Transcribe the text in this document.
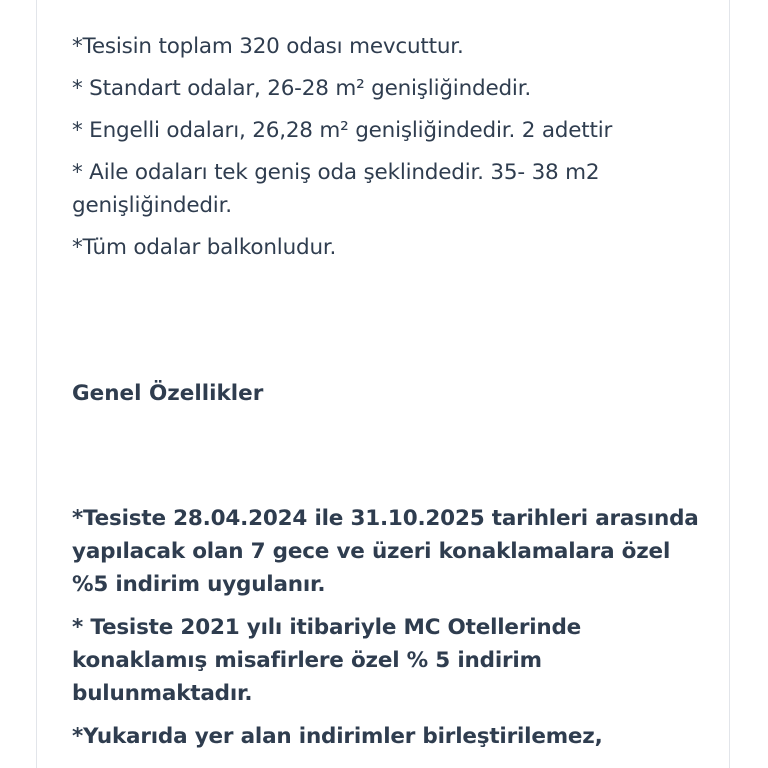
*Tesisin toplam 320 odası mevcuttur.

* Standart odalar, 26-28 m² genişliğindedir.

* Engelli odaları, 26,28 m² genişliğindedir. 2 adettir

* Aile odaları tek geniş oda şeklindedir. 35- 38 m2 genişliğindedir.

*Tüm odalar balkonludur.

Genel Özellikler

*Tesiste 28.04.2024 ile 31.10.2025 tarihleri arasında yapılacak olan 7 gece ve üzeri konaklamalara özel %5 indirim uygulanır.

* Tesiste 2021 yılı itibariyle MC Otellerinde konaklamış misafirlere özel % 5 indirim bulunmaktadır.

*Yukarıda yer alan indirimler birleştirilemez,
